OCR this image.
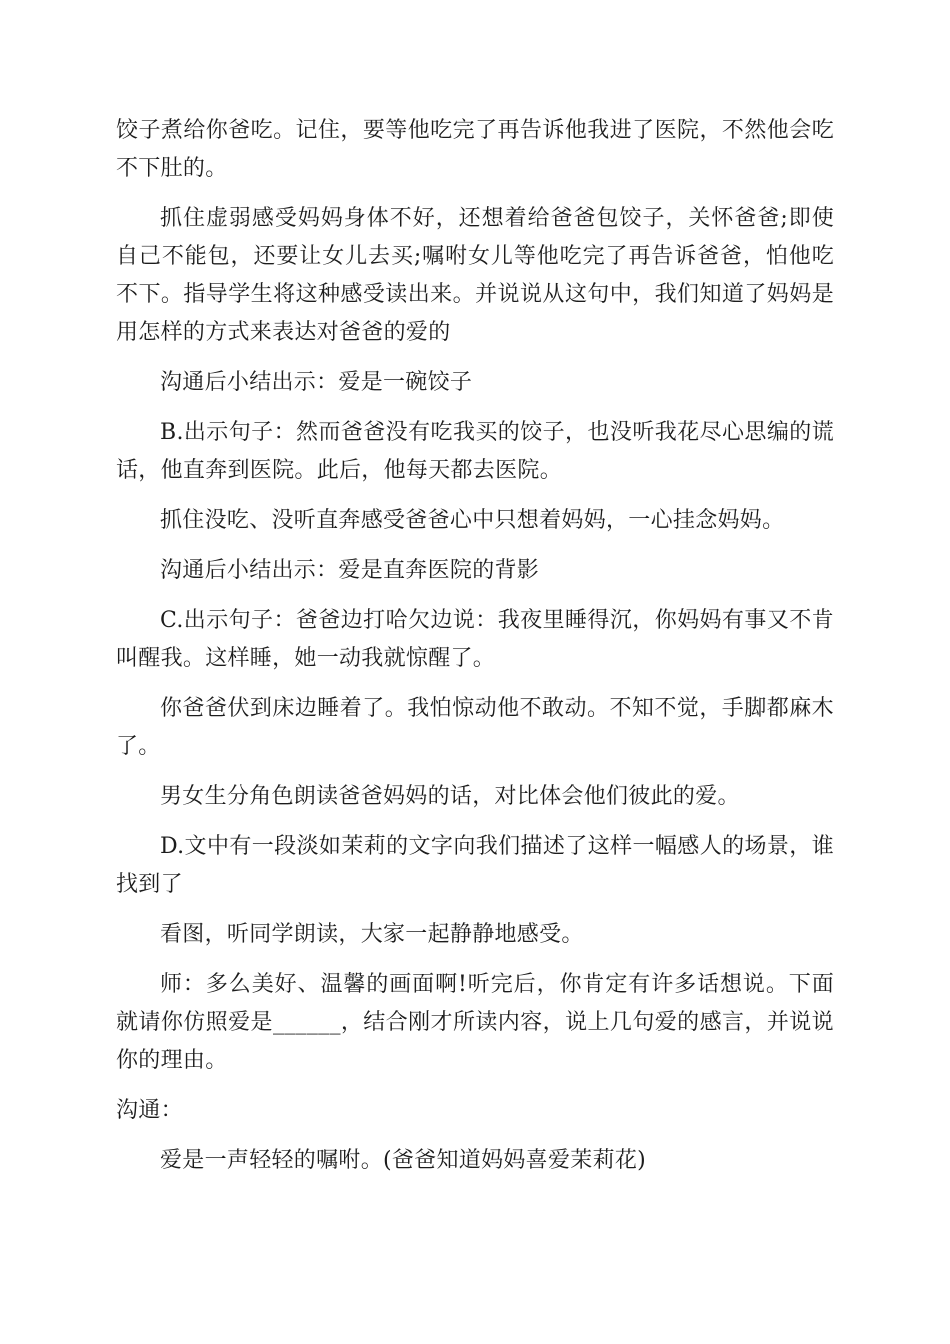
饺子煮给你爸吃。记住，要等他吃完了再告诉他我进了医院，不然他会吃不下肚的。

抓住虚弱感受妈妈身体不好，还想着给爸爸包饺子，关怀爸爸;即使自己不能包，还要让女儿去买;嘱咐女儿等他吃完了再告诉爸爸，怕他吃不下。指导学生将这种感受读出来。并说说从这句中，我们知道了妈妈是用怎样的方式来表达对爸爸的爱的

沟通后小结出示：爱是一碗饺子

B.出示句子：然而爸爸没有吃我买的饺子，也没听我花尽心思编的谎话，他直奔到医院。此后，他每天都去医院。

抓住没吃、没听直奔感受爸爸心中只想着妈妈，一心挂念妈妈。

沟通后小结出示：爱是直奔医院的背影

C.出示句子：爸爸边打哈欠边说：我夜里睡得沉，你妈妈有事又不肯叫醒我。这样睡，她一动我就惊醒了。

你爸爸伏到床边睡着了。我怕惊动他不敢动。不知不觉，手脚都麻木了。

男女生分角色朗读爸爸妈妈的话，对比体会他们彼此的爱。

D.文中有一段淡如茉莉的文字向我们描述了这样一幅感人的场景，谁找到了

看图，听同学朗读，大家一起静静地感受。

师：多么美好、温馨的画面啊!听完后，你肯定有许多话想说。下面就请你仿照爱是______，结合刚才所读内容，说上几句爱的感言，并说说你的理由。

沟通：

爱是一声轻轻的嘱咐。(爸爸知道妈妈喜爱茉莉花)
